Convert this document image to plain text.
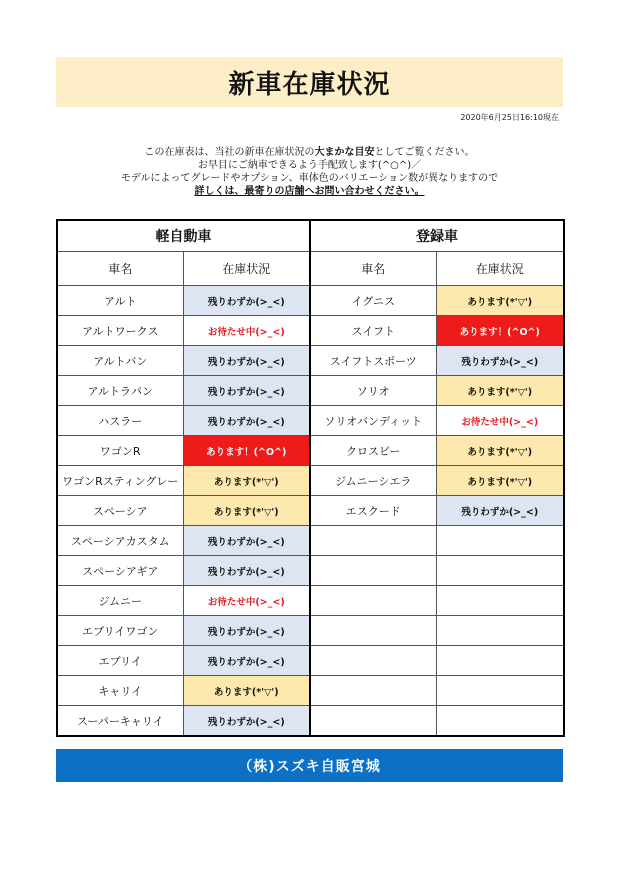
新車在庫状況
2020年6月25日16:10現在
この在庫表は、当社の新車在庫状況の大まかな目安としてご覧ください。
お早目にご納車できるよう手配致します(^○^)／
モデルによってグレードやオプション、車体色のバリエーション数が異なりますので
詳しくは、最寄りの店舗へお問い合わせください。
軽自動車		登録車	
車名	在庫状況	車名	在庫状況
アルト	残りわずか(>_<)	イグニス	あります(*'▽')
アルトワークス	お待たせ中(>_<)	スイフト	あります！(^O^)
アルトバン	残りわずか(>_<)	スイフトスポーツ	残りわずか(>_<)
アルトラパン	残りわずか(>_<)	ソリオ	あります(*'▽')
ハスラー	残りわずか(>_<)	ソリオバンディット	お待たせ中(>_<)
ワゴンR	あります！(^O^)	クロスビー	あります(*'▽')
ワゴンRスティングレー	あります(*'▽')	ジムニーシエラ	あります(*'▽')
スペーシア	あります(*'▽')	エスクード	残りわずか(>_<)
スペーシアカスタム	残りわずか(>_<)		
スペーシアギア	残りわずか(>_<)		
ジムニー	お待たせ中(>_<)		
エブリイワゴン	残りわずか(>_<)		
エブリイ	残りわずか(>_<)		
キャリイ	あります(*'▽')		
スーパーキャリイ	残りわずか(>_<)		
（株)スズキ自販宮城
